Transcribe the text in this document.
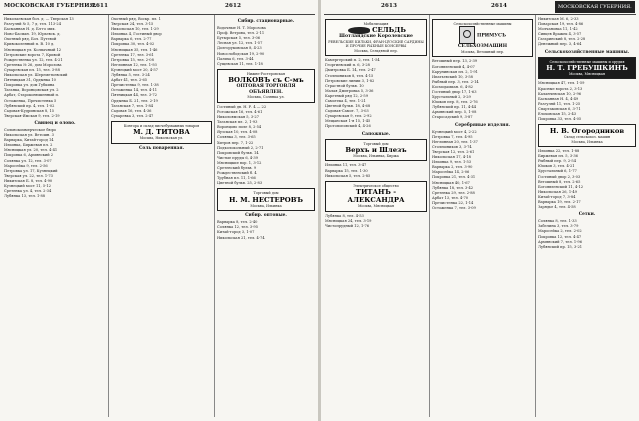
МОСКОВСКАЯ ГУБЕРНИЯ.
2611	2612
Николаевская бол. д. — Тверская 13
Разгуляй № 5, 7 д. тел. 113-24
Басманная Н. д. Бл-го мих.
Ново-Басман. 19, Юрьевск. д.
Охотный ряд, Бол. Путевой
Кривоколенный п. В. 10 д.
Мясницкая ул. Колпачный 12
Петровские ворота 7, Кривой
Рождественка ул. 12, тел. 4-21
Сретенка № 26, дом Морозова
Сухаревская пл. 15, тел. 3-88
Никольская ул. Шереметьевский
Пятницкая 31, Ордынка 10
Покровка ул. дом Губкина
Таганка, Воронцовская ул. 2
Арбат, Староконюшенный п.
Остоженка, Пречистенка 5
Лубянский пр. 4, тел. 1-02
Садовая-Кудринская 8, 15
Тверская-Ямская 9, тел. 2-19
Свинец и олово.
Сольнокоммерческое бюро
Никольская ул. Ветошн. 3
Варварка, Китай-город 14
Ильинка, Биржевая пл. 2
Мясницкая ул. 20, тел. 4-41
Покровка 6, Армянский 2
Солянка ул. 12, тел. 3-07
Маросейка 9, тел. 2-56
Петровка ул. 17, Кузнецкий
Тверская ул. 22, тел. 1-73
Никитская Б. 8, тел. 4-90
Кузнецкий мост 11, 5-12
Сретенка ул. 4, тел. 2-34
Лубянка 13, тел. 1-88
Охотный ряд, Воскр. пл. 1
Тверская 24, тел. 3-15
Никольская 10, тел. 1-29
Ильинка 4, Гостиный двор
Варварка 6, тел. 2-77
Покровка 30, тел. 4-02
Мясницкая 35, тел. 1-46
Сретенка 17, тел. 3-61
Петровка 15, тел. 2-08
Неглинная 12, тел. 1-93
Кузнецкий мост 20, 4-57
Лубянка 5, тел. 3-24
Арбат 41, тел. 2-65
Пречистенка 9, тел. 1-38
Остоженка 14, тел. 4-11
Пятницкая 44, тел. 3-72
Ордынка Б. 21, тел. 2-19
Таганская 7, тел. 1-84
Садовая 16, тел. 4-36
Сухаревка 3, тел. 2-47
Контора и склад писчебумажных товаров
М. Д. ТИТОВА
Москва, Никольская ул.
Соль поваренная.
Сибир. стационарные.
Водочные Н. Т. Морозова
Проф. Ветрова, тел. 2-11
Бутырская 5, тел. 3-06
Лесная ул. 12, тел. 1-57
Долгоруковская 8, 4-23
Новослободская 19, 2-90
Палиха 6, тел. 3-44
Сущевская 11, тел. 1-18
Нижне-Ростеровская
ВОЛКОВЪ съ С-мъ
ОПТОВАЯ ТОРГОВЛЯ ОБЪЯВЛЕН.
Москва, Солянка ул.
Гостиный дв. Н. Р. 4 — 22
Рогожская 16, тел. 4-61
Николоямская 5, 3-27
Таганская пл. 2, 1-93
Воронцово поле 8, 2-54
Яузская 10, тел. 4-08
Солянка 3, тел. 3-65
Хитров пер. 7, 1-22
Подколокольный 2, 2-71
Покровский бульв. 14
Чистые пруды 6, 4-39
Мясницкие вор. 1, 3-12
Сретенский бульв. 9
Рождественский б. 4
Трубная пл. 11, 1-66
Цветной бульв. 25, 2-83
Торговый дом
Н. М. НЕСТЕРОВЪ
Москва, Ильинка
Сибир. оптовые.
Варварка 8, тел. 2-40
Солянка 12, тел. 3-95
Китай-город 3, 1-07
Никольская 21, тел. 4-74
2613	2614	МОСКОВСКАЯ ГУБЕРНИЯ.
Мобилизация
СЕЛЬДЬ
Шотландские Королевские
РЕВЕЛЬСКИЕ КИЛЬКИ, ФРАН-ЦУЗСКИЕ САРДИНЫ И ПРОЧИЕ РЫБНЫЕ КОНСЕРВЫ
Москва, Сельдяной пер.
Камергерский п. 2, тел. 1-54
Георгиевский п. 6, 3-28
Дмитровка Б. 14, тел. 2-47
Столешников 8, тел. 4-15
Петровские линии 3, 1-82
Страстной бульв. 10
Малая Дмитровка 5, 3-36
Каретный ряд 12, 2-59
Самотека 4, тел. 1-21
Цветной бульв. 18, 4-68
Садовая-Самот. 7, 3-03
Сухаревская 9, тел. 2-92
Мещанская 1-я 15, 1-45
Протопоповский 4, 4-26
Сапожные.
Торговый дом
Верхъ и Шлезъ
Москва, Ильинка, Биржа
Ильинка 11, тел. 3-47
Варварка 15, тел. 1-30
Никольская 5, тел. 2-85
Электрическое общество
ТИТАНЪ - АЛЕКСАНДРА
Москва, Мясницкая
Лубянка 8, тел. 4-53
Мясницкая 24, тел. 3-19
Чистопрудный 12, 1-76
Сельскохозяйственные машины
ПРИМУСЪ
СЕЛЬХОЗМАШИН
Москва, Ветошный пер.
Ветошный пер. 13, 2-39
Богоявленский 4, 4-07
Карунинская пл. 2, 1-91
Ипатьевский 10, 3-58
Рыбный пер. 3, тел. 2-14
Космодамиан. 6, 4-82
Гостиный двор 17, 1-63
Хрустальный 2, 3-29
Юшков пер. 8, тел. 2-76
Лубянский пр. 11, 4-44
Армянский пер. 5, 1-08
Старосадский 9, 3-87
Серебряные изделия.
Кузнецкий мост 4, 2-22
Петровка 7, тел. 4-95
Неглинная 20, тел. 1-37
Столешников 3, 3-74
Тверская 12, тел. 2-61
Никольская 17, 4-18
Ильинка 9, тел. 1-53
Варварка 2, тел. 3-90
Маросейка 14, 2-06
Покровка 21, тел. 4-31
Мясницкая 40, 1-67
Лубянка 18, тел. 3-42
Сретенка 29, тел. 2-88
Арбат 13, тел. 4-70
Пречистенка 22, 1-14
Остоженка 7, тел. 3-09
Никитская М. 6, 2-33
Поварская 19, тел. 4-86
Молчановка 11, 1-42
Сивцев Вражек 4, 3-57
Гагаринский 8, тел. 2-28
Денежный пер. 3, 4-64
Сельскохозяйственные машины.
Сельскохозяйственные машины и орудия
Н. Т. ГРЕБУШКИНЪ
Москва, Мясницкая
Мясницкая 47, тел. 1-59
Красные ворота 2, 3-13
Каланчевская 10, 2-96
Басманная Н. 4, 4-49
Разгуляй 11, тел. 1-25
Спартаковская 6, 3-71
Елоховская 15, 2-43
Покровка 33, тел. 4-05
Н. В. Огородников
Склад сельскохоз. машин
Москва, Ильинка
Ильинка 22, тел. 1-88
Биржевая пл. 5, 3-36
Рыбный пер. 9, 2-54
Юшков 3, тел. 4-21
Хрустальный 6, 1-77
Гостиный двор 2, 3-03
Ветошный 8, тел. 2-65
Богоявленский 11, 4-12
Никольская 26, 1-49
Китай-город 7, 3-84
Варварка 19, тел. 2-17
Зарядье 4, тел. 4-58
Сетки.
Солянка 8, тел. 1-33
Забелина 3, тел. 3-79
Маросейка 2, тел. 2-02
Покровка 12, тел. 4-47
Армянский 7, тел. 1-96
Лубянский пр. 15, 3-21
